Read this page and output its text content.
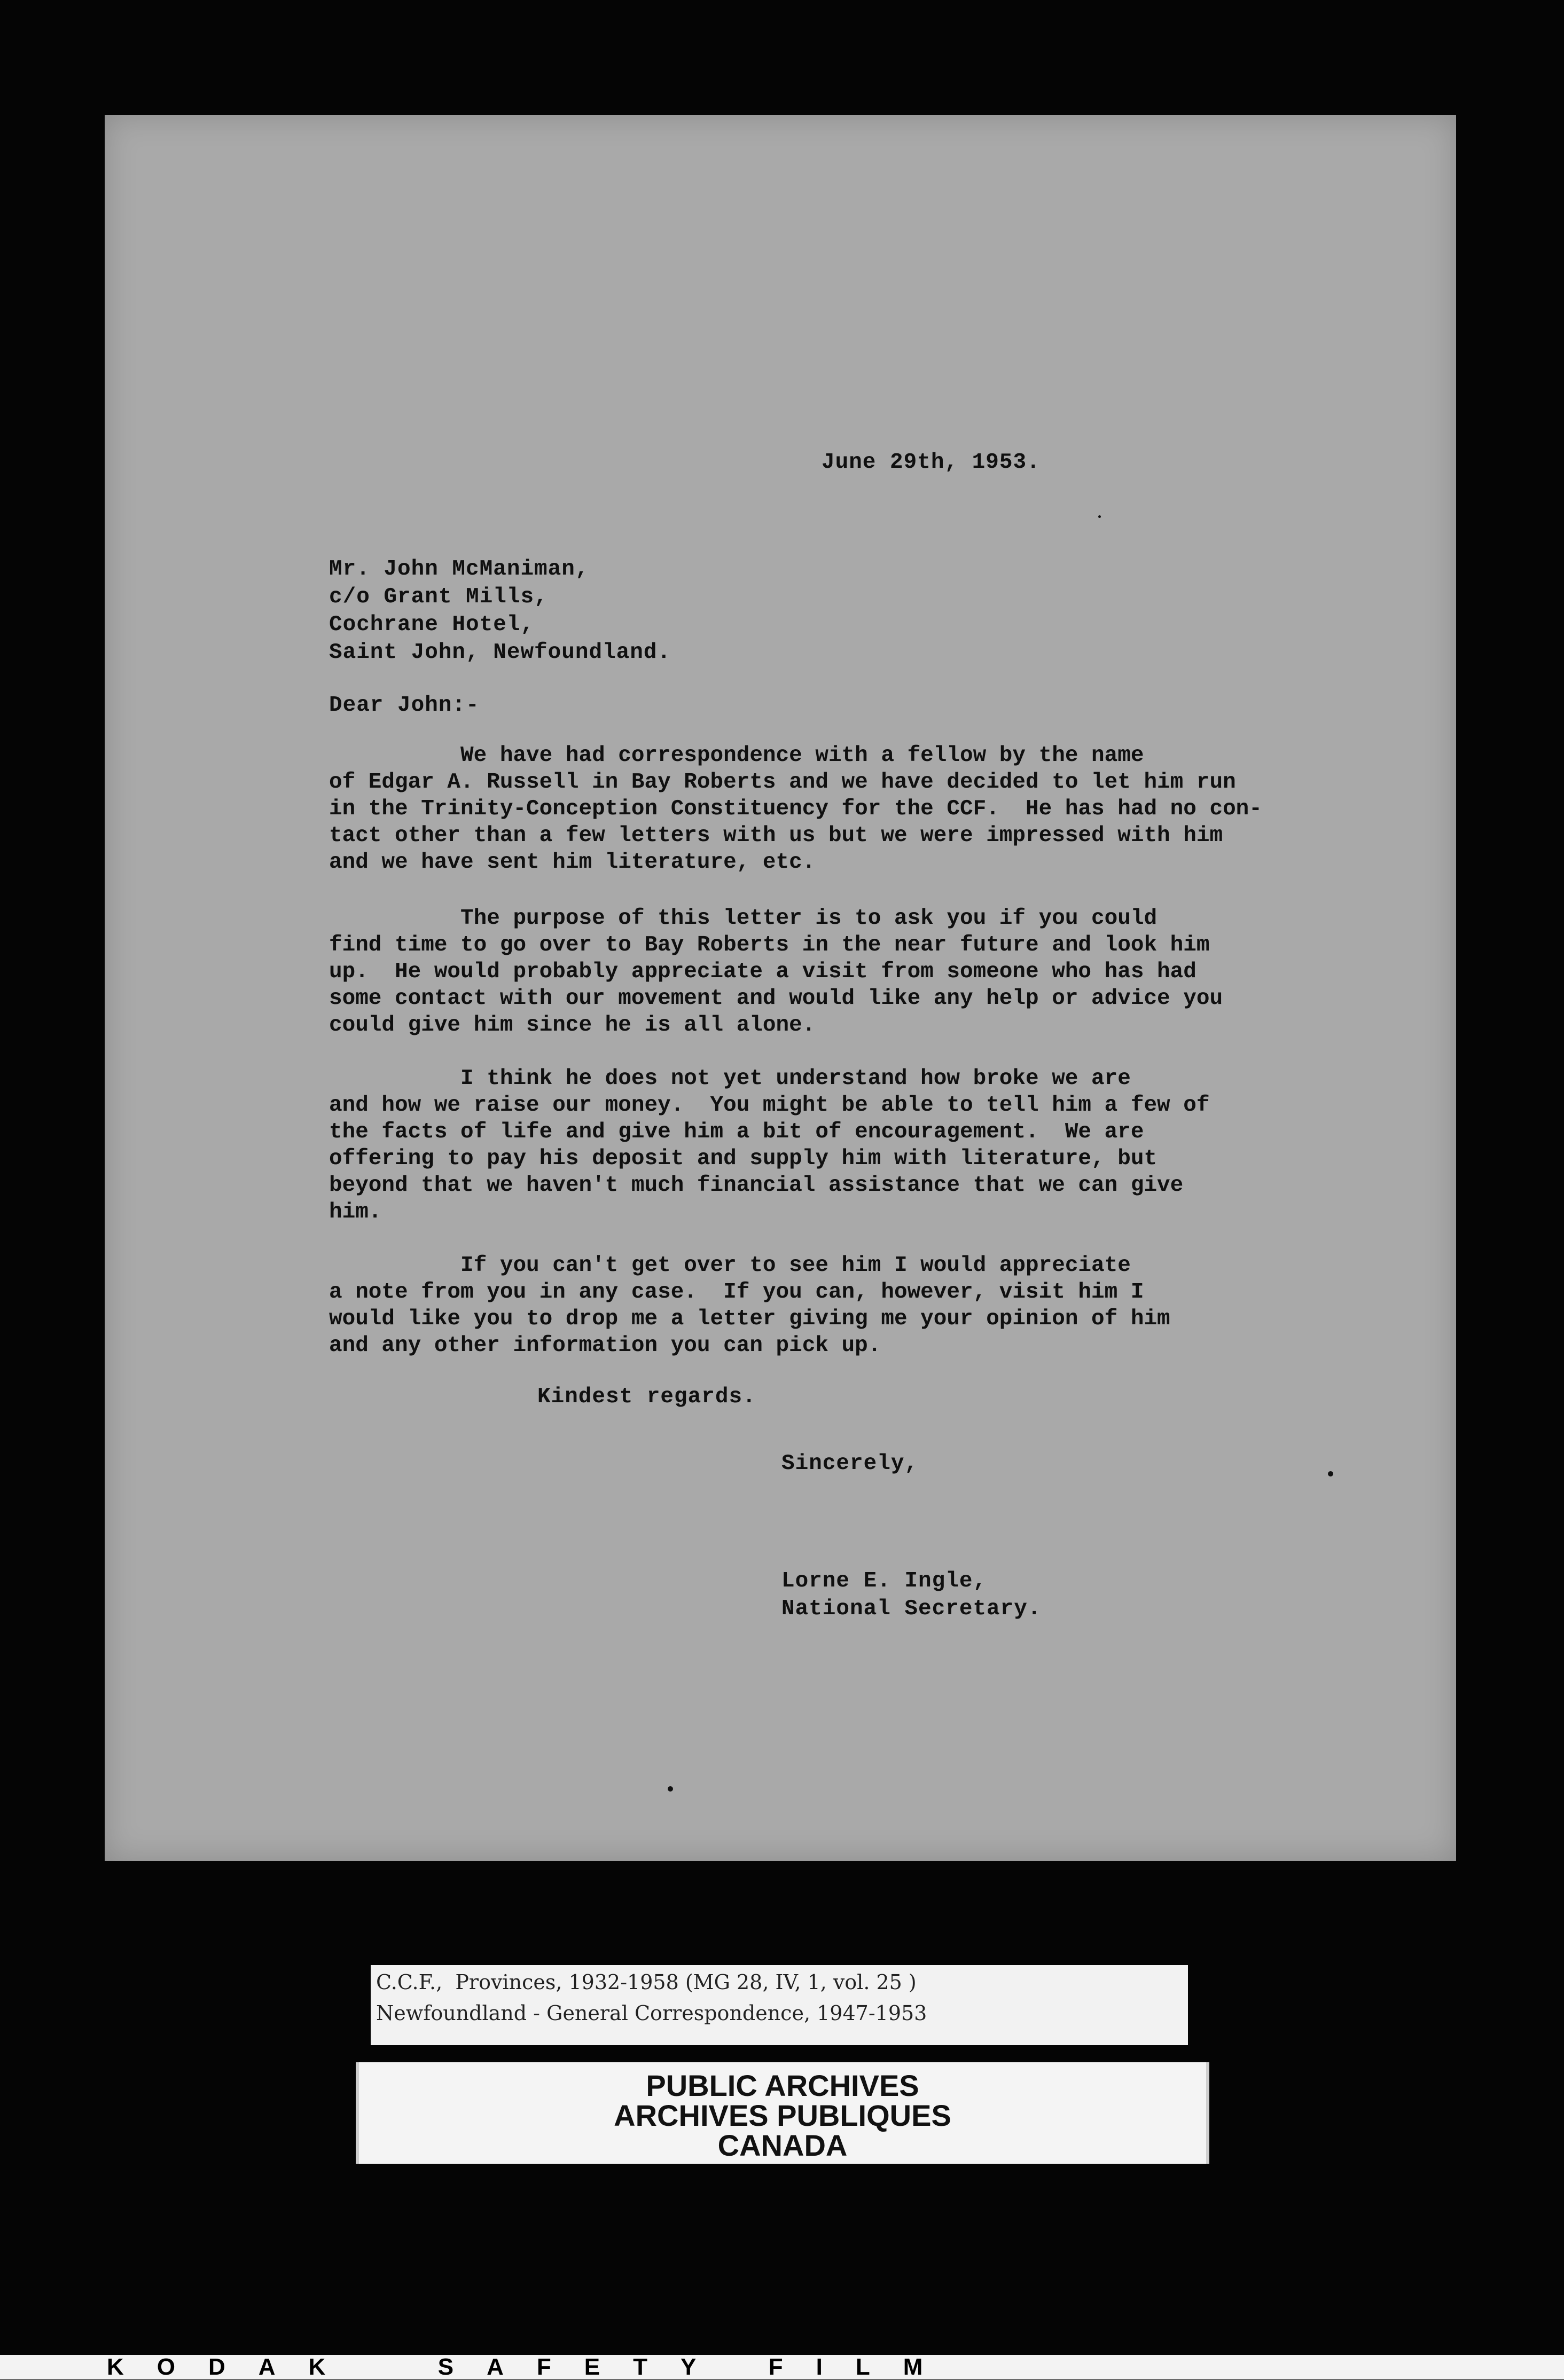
June 29th, 1953.
Mr. John McManiman,
c/o Grant Mills,
Cochrane Hotel,
Saint John, Newfoundland.
Dear John:-
We have had correspondence with a fellow by the name
of Edgar A. Russell in Bay Roberts and we have decided to let him run
in the Trinity-Conception Constituency for the CCF.  He has had no con-
tact other than a few letters with us but we were impressed with him
and we have sent him literature, etc.
The purpose of this letter is to ask you if you could
find time to go over to Bay Roberts in the near future and look him
up.  He would probably appreciate a visit from someone who has had
some contact with our movement and would like any help or advice you
could give him since he is all alone.
I think he does not yet understand how broke we are
and how we raise our money.  You might be able to tell him a few of
the facts of life and give him a bit of encouragement.  We are
offering to pay his deposit and supply him with literature, but
beyond that we haven't much financial assistance that we can give
him.
If you can't get over to see him I would appreciate
a note from you in any case.  If you can, however, visit him I
would like you to drop me a letter giving me your opinion of him
and any other information you can pick up.
Kindest regards.
Sincerely,
Lorne E. Ingle,
National Secretary.
C.C.F.,  Provinces, 1932-1958 (MG 28, IV, 1, vol. 25 )
Newfoundland - General Correspondence, 1947-1953
PUBLIC ARCHIVES
ARCHIVES PUBLIQUES
CANADA
KODAK  SAFETY FILM
